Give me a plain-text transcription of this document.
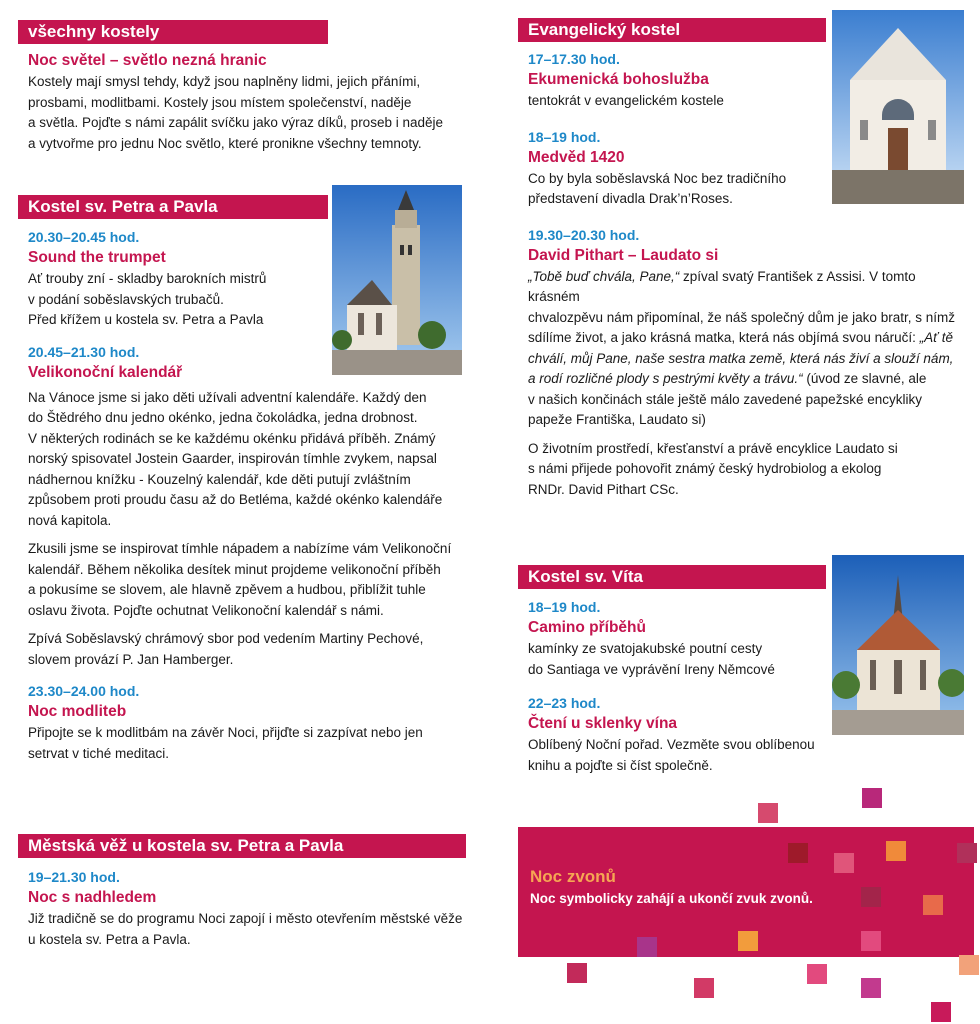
všechny kostely
Noc světel – světlo nezná hranic
Kostely mají smysl tehdy, když jsou naplněny lidmi, jejich přáními,
prosbami, modlitbami. Kostely jsou místem společenství, naděje
a světla. Pojďte s námi zapálit svíčku jako výraz díků, proseb i naděje
a vytvořme pro jednu Noc světlo, které pronikne všechny temnoty.
Kostel sv. Petra a Pavla
20.30–20.45 hod.
Sound the trumpet
Ať trouby zní - skladby barokních mistrů
v podání soběslavských trubačů.
Před křížem u kostela sv. Petra a Pavla
20.45–21.30 hod.
Velikonoční kalendář
Na Vánoce jsme si jako děti užívali adventní kalendáře. Každý den
do Štědrého dnu jedno okénko, jedna čokoládka, jedna drobnost.
V některých rodinách se ke každému okénku přidává příběh. Známý
norský spisovatel Jostein Gaarder, inspirován tímhle zvykem, napsal
nádhernou knížku - Kouzelný kalendář, kde děti putují zvláštním
způsobem proti proudu času až do Betléma, každé okénko kalendáře
nová kapitola.
Zkusili jsme se inspirovat tímhle nápadem a nabízíme vám Velikonoční
kalendář. Během několika desítek minut projdeme velikonoční příběh
a pokusíme se slovem, ale hlavně zpěvem a hudbou, přiblížit tuhle
oslavu života. Pojďte ochutnat Velikonoční kalendář s námi.
Zpívá Soběslavský chrámový sbor pod vedením Martiny Pechové,
slovem provází P. Jan Hamberger.
23.30–24.00 hod.
Noc modliteb
Připojte se k modlitbám na závěr Noci, přijďte si zazpívat nebo jen
setrvat v tiché meditaci.
Městská věž u kostela sv. Petra a Pavla
19–21.30 hod.
Noc s nadhledem
Již tradičně se do programu Noci zapojí i město otevřením městské věže
u kostela sv. Petra a Pavla.
Evangelický kostel
17–17.30 hod.
Ekumenická bohoslužba
tentokrát v evangelickém kostele
18–19 hod.
Medvěd 1420
Co by byla soběslavská Noc bez tradičního
představení divadla Drak’n’Roses.
19.30–20.30 hod.
David Pithart – Laudato si
„Tobě buď chvála, Pane,“ zpíval svatý František z Assisi. V tomto krásném
chvalozpěvu nám připomínal, že náš společný dům je jako bratr, s nímž
sdílíme život, a jako krásná matka, která nás objímá svou náručí: „Ať tě
chválí, můj Pane, naše sestra matka země, která nás živí a slouží nám,
a rodí rozličné plody s pestrými květy a trávu.“ (úvod ze slavné, ale
v našich končinách stále ještě málo zavedené papežské encykliky
papeže Františka, Laudato si)
O životním prostředí, křesťanství a právě encyklice Laudato si
s námi přijede pohovořit známý český hydrobiolog a ekolog
RNDr. David Pithart CSc.
Kostel sv. Víta
18–19 hod.
Camino příběhů
kamínky ze svatojakubské poutní cesty
do Santiaga ve vyprávění Ireny Němcové
22–23 hod.
Čtení u sklenky vína
Oblíbený Noční pořad. Vezměte svou oblíbenou
knihu a pojďte si číst společně.
Noc zvonů
Noc symbolicky zahájí a ukončí zvuk zvonů.
